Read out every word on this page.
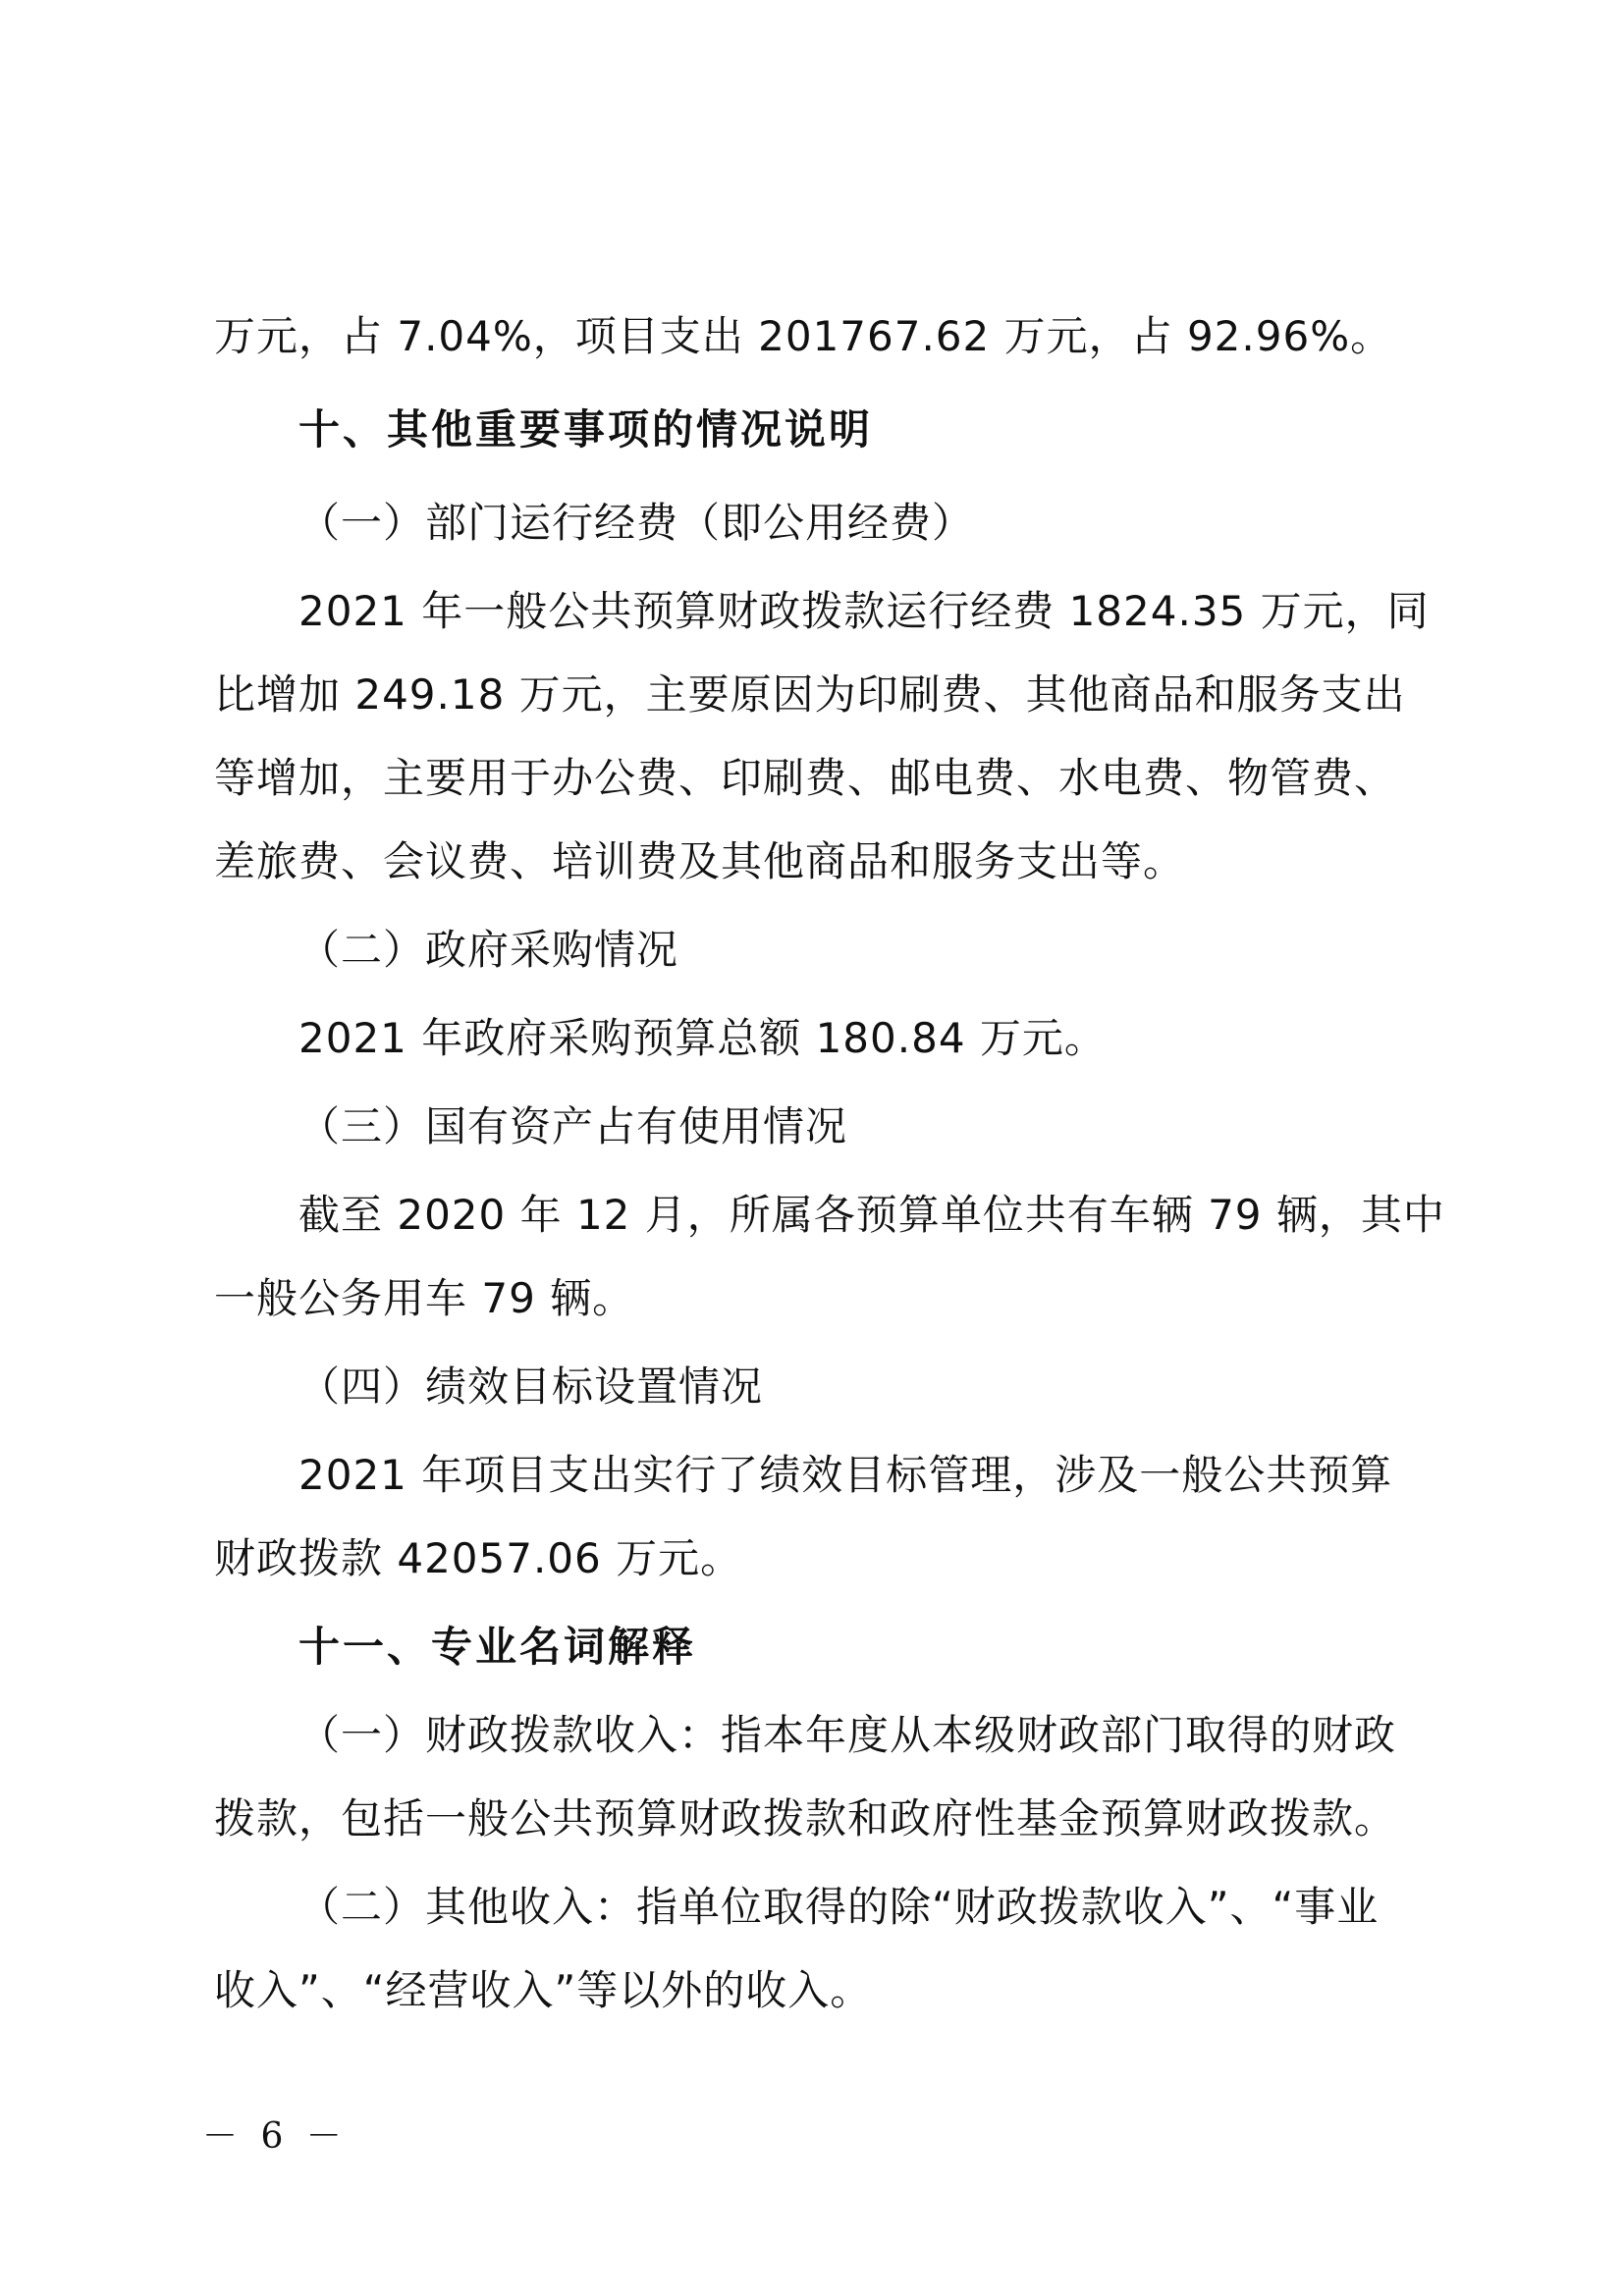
万元，占 7.04%，项目支出 201767.62 万元，占 92.96%。
十、其他重要事项的情况说明
（一）部门运行经费（即公用经费）
2021 年一般公共预算财政拨款运行经费 1824.35 万元，同
比增加 249.18 万元，主要原因为印刷费、其他商品和服务支出
等增加，主要用于办公费、印刷费、邮电费、水电费、物管费、
差旅费、会议费、培训费及其他商品和服务支出等。
（二）政府采购情况
2021 年政府采购预算总额 180.84 万元。
（三）国有资产占有使用情况
截至 2020 年 12 月，所属各预算单位共有车辆 79 辆，其中
一般公务用车 79 辆。
（四）绩效目标设置情况
2021 年项目支出实行了绩效目标管理，涉及一般公共预算
财政拨款 42057.06 万元。
十一、专业名词解释
（一）财政拨款收入：指本年度从本级财政部门取得的财政
拨款，包括一般公共预算财政拨款和政府性基金预算财政拨款。
（二）其他收入：指单位取得的除“财政拨款收入”、“事业
收入”、“经营收入”等以外的收入。
－ 6 －
